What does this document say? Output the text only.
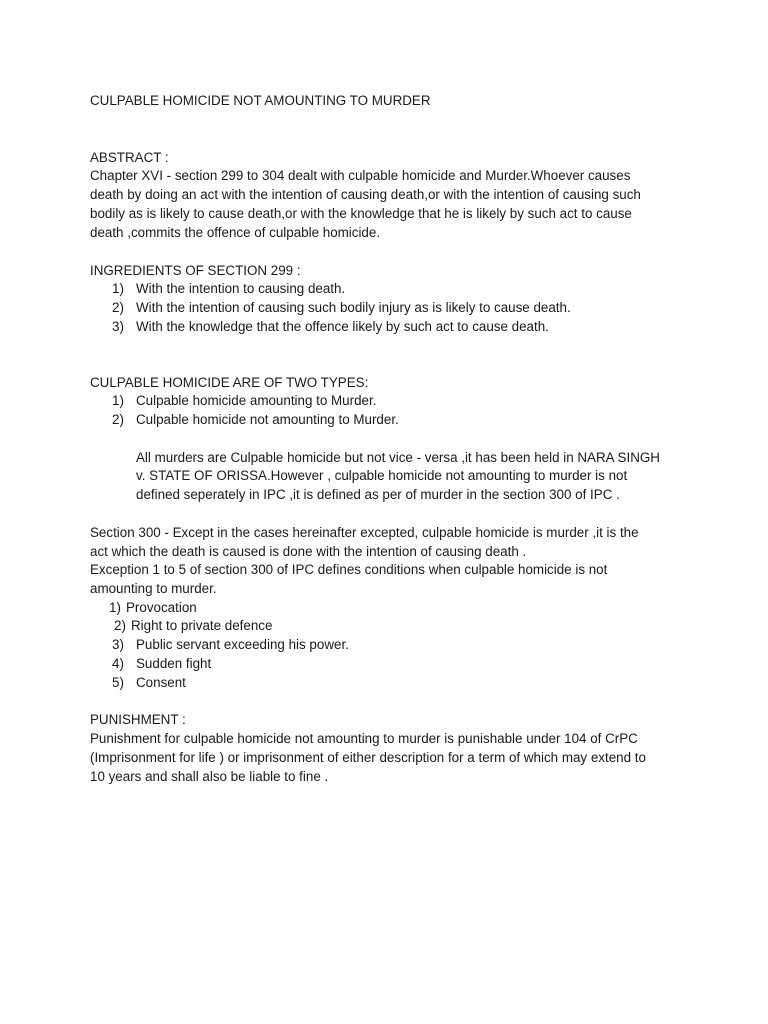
CULPABLE HOMICIDE NOT AMOUNTING TO MURDER
ABSTRACT :
Chapter XVI - section 299 to 304 dealt with culpable homicide and Murder.Whoever causes
death by doing an act with the intention of causing death,or with the intention of causing such
bodily as is likely to cause death,or with the knowledge that he is likely by such act to cause
death ,commits the offence of culpable homicide.
INGREDIENTS OF SECTION 299 :
1) With the intention to causing death.
2) With the intention of causing such bodily injury as is likely to cause death.
3) With the knowledge that the offence likely by such act to cause death.
CULPABLE HOMICIDE ARE OF TWO TYPES:
1) Culpable homicide amounting to Murder.
2) Culpable homicide not amounting to Murder.
All murders are Culpable homicide but not vice - versa ,it has been held in NARA SINGH
v. STATE OF ORISSA.However , culpable homicide not amounting to murder is not
defined seperately in IPC ,it is defined as per of murder in the section 300 of IPC .
Section 300 - Except in the cases hereinafter excepted, culpable homicide is murder ,it is the
act which the death is caused is done with the intention of causing death .
Exception 1 to 5 of section 300 of IPC defines conditions when culpable homicide is not
amounting to murder.
1) Provocation
2) Right to private defence
3) Public servant exceeding his power.
4) Sudden fight
5) Consent
PUNISHMENT :
Punishment for culpable homicide not amounting to murder is punishable under 104 of CrPC
(Imprisonment for life ) or imprisonment of either description for a term of which may extend to
10 years and shall also be liable to fine .
